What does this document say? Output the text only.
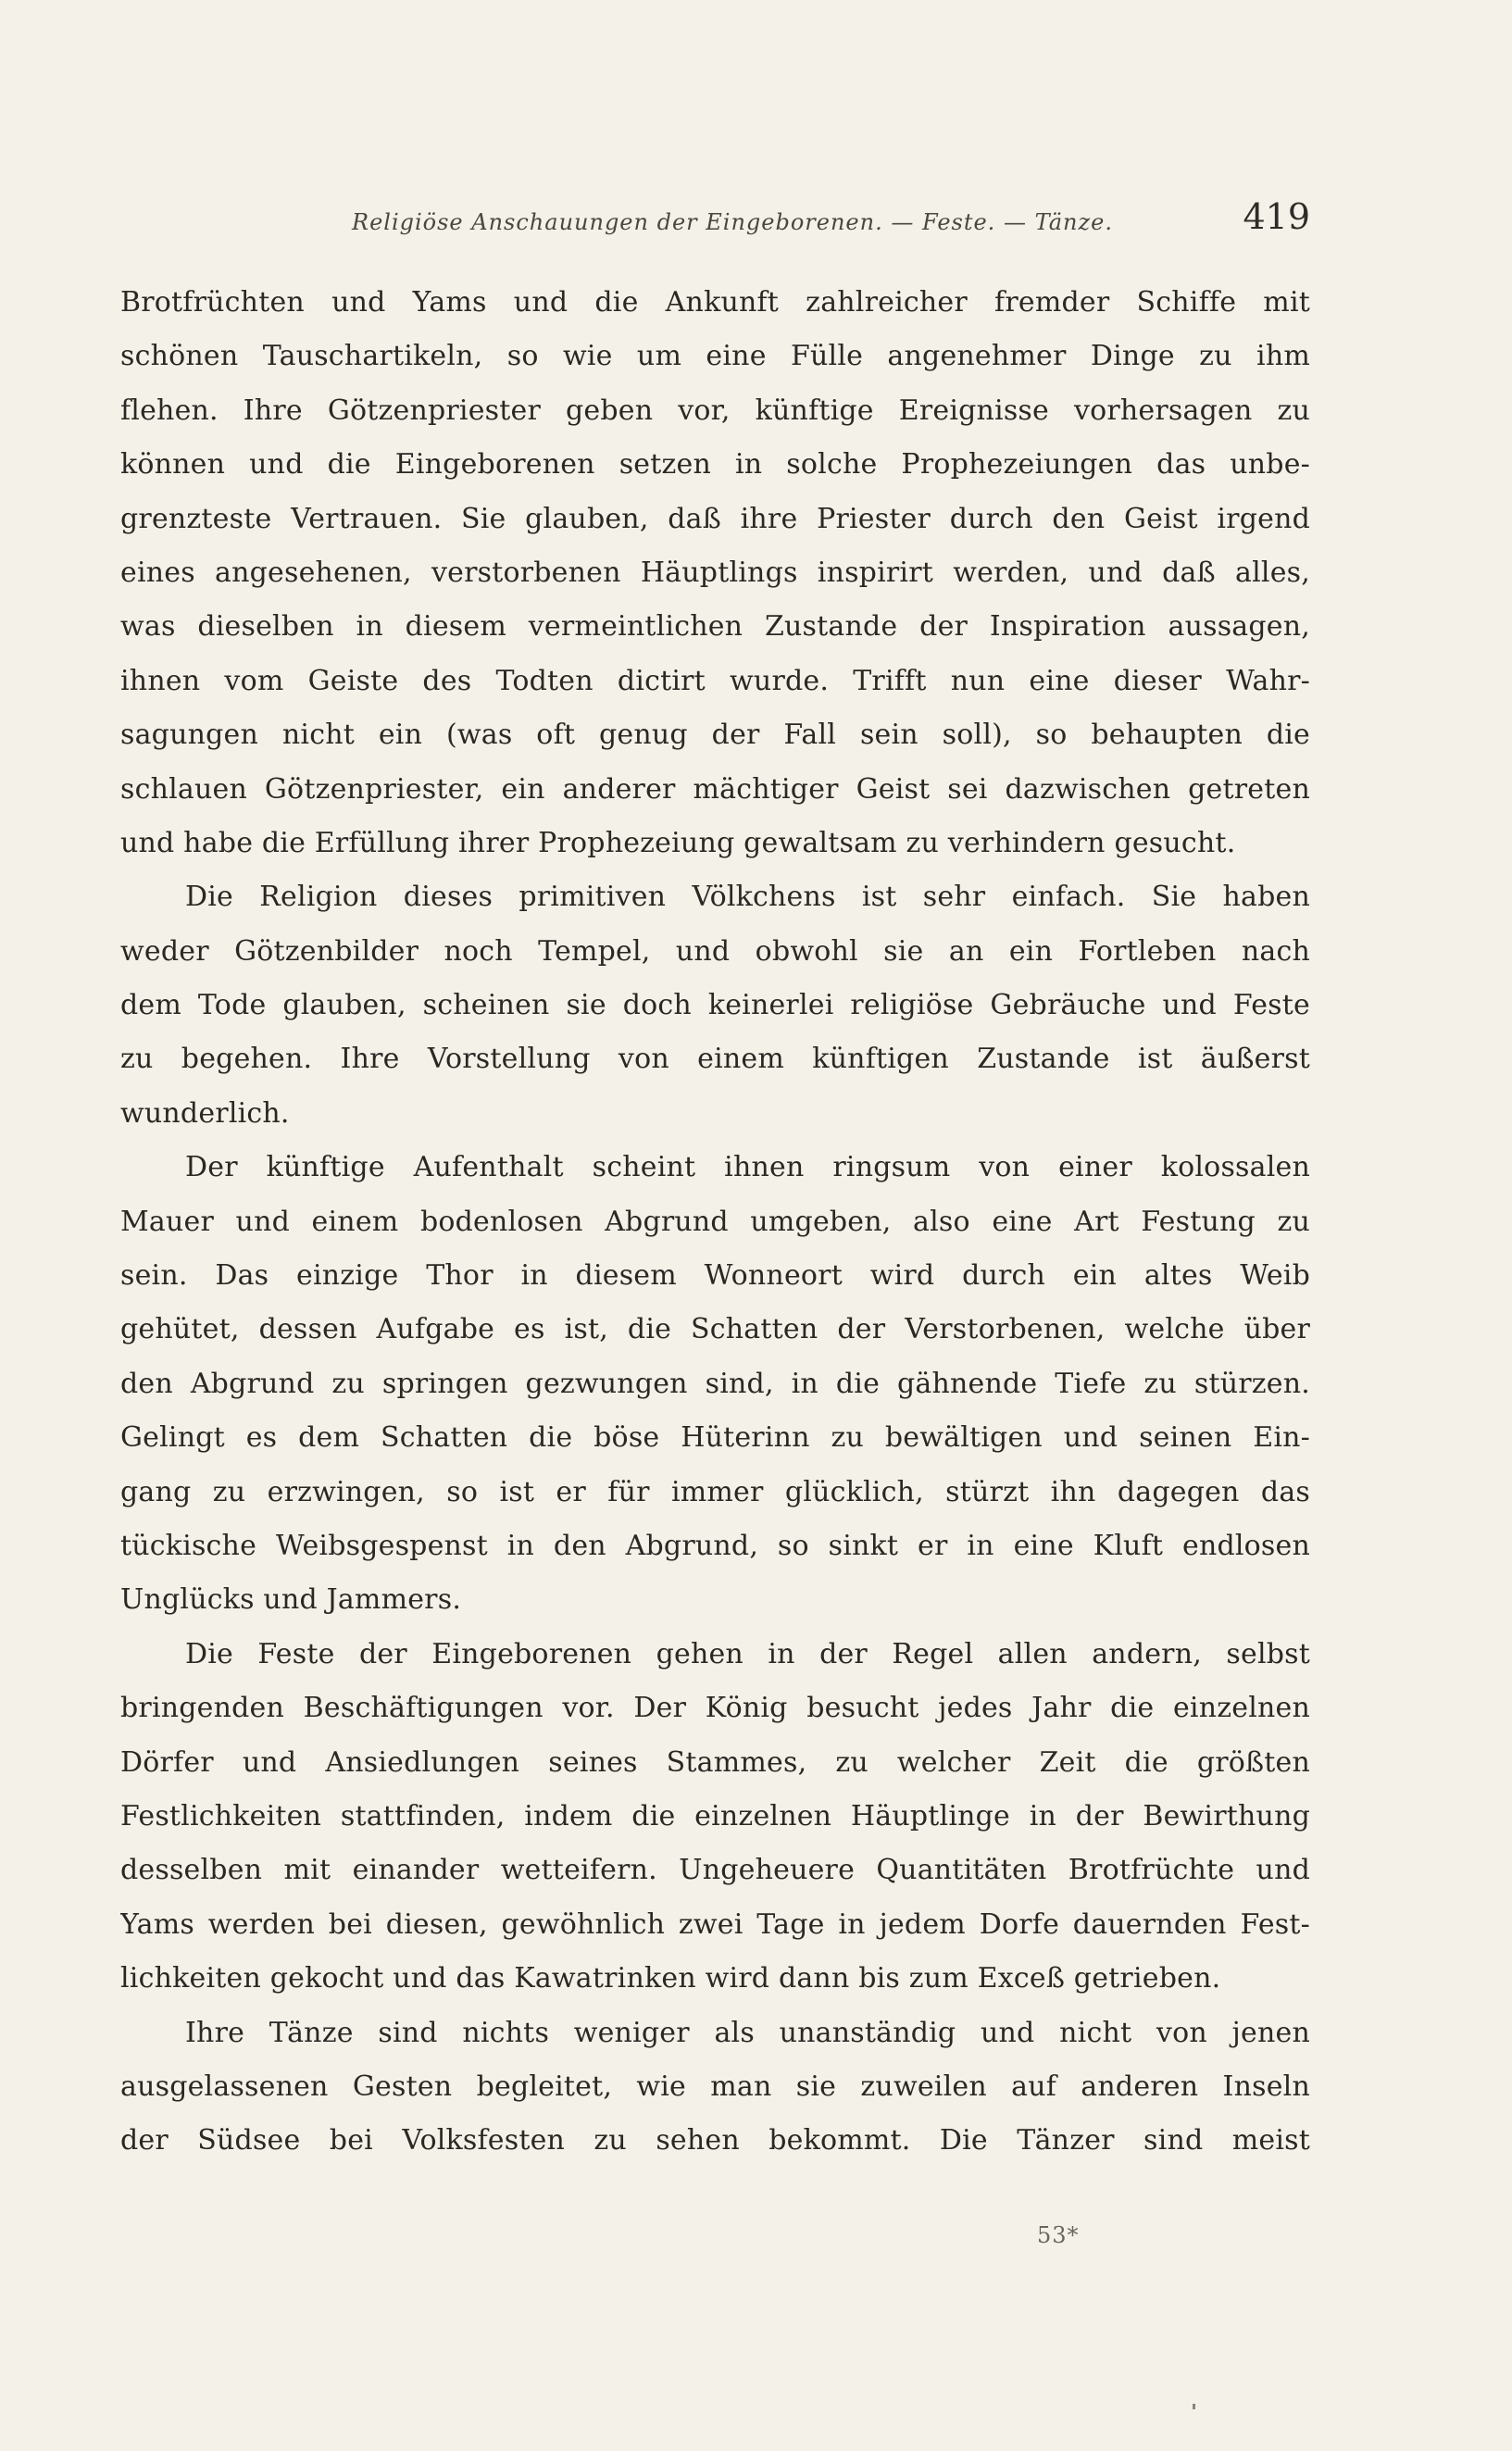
Religiöse Anschauungen der Eingeborenen. — Feste. — Tänze.	419
Brotfrüchten und Yams und die Ankunft zahlreicher fremder Schiffe mit
schönen Tauschartikeln, so wie um eine Fülle angenehmer Dinge zu ihm
flehen. Ihre Götzenpriester geben vor, künftige Ereignisse vorhersagen zu
können und die Eingeborenen setzen in solche Prophezeiungen das unbe-
grenzteste Vertrauen. Sie glauben, daß ihre Priester durch den Geist irgend
eines angesehenen, verstorbenen Häuptlings inspirirt werden, und daß alles,
was dieselben in diesem vermeintlichen Zustande der Inspiration aussagen,
ihnen vom Geiste des Todten dictirt wurde. Trifft nun eine dieser Wahr-
sagungen nicht ein (was oft genug der Fall sein soll), so behaupten die
schlauen Götzenpriester, ein anderer mächtiger Geist sei dazwischen getreten
und habe die Erfüllung ihrer Prophezeiung gewaltsam zu verhindern gesucht.
Die Religion dieses primitiven Völkchens ist sehr einfach. Sie haben
weder Götzenbilder noch Tempel, und obwohl sie an ein Fortleben nach
dem Tode glauben, scheinen sie doch keinerlei religiöse Gebräuche und Feste
zu begehen. Ihre Vorstellung von einem künftigen Zustande ist äußerst
wunderlich.
Der künftige Aufenthalt scheint ihnen ringsum von einer kolossalen
Mauer und einem bodenlosen Abgrund umgeben, also eine Art Festung zu
sein. Das einzige Thor in diesem Wonneort wird durch ein altes Weib
gehütet, dessen Aufgabe es ist, die Schatten der Verstorbenen, welche über
den Abgrund zu springen gezwungen sind, in die gähnende Tiefe zu stürzen.
Gelingt es dem Schatten die böse Hüterinn zu bewältigen und seinen Ein-
gang zu erzwingen, so ist er für immer glücklich, stürzt ihn dagegen das
tückische Weibsgespenst in den Abgrund, so sinkt er in eine Kluft endlosen
Unglücks und Jammers.
Die Feste der Eingeborenen gehen in der Regel allen andern, selbst
bringenden Beschäftigungen vor. Der König besucht jedes Jahr die einzelnen
Dörfer und Ansiedlungen seines Stammes, zu welcher Zeit die größten
Festlichkeiten stattfinden, indem die einzelnen Häuptlinge in der Bewirthung
desselben mit einander wetteifern. Ungeheuere Quantitäten Brotfrüchte und
Yams werden bei diesen, gewöhnlich zwei Tage in jedem Dorfe dauernden Fest-
lichkeiten gekocht und das Kawatrinken wird dann bis zum Exceß getrieben.
Ihre Tänze sind nichts weniger als unanständig und nicht von jenen
ausgelassenen Gesten begleitet, wie man sie zuweilen auf anderen Inseln
der Südsee bei Volksfesten zu sehen bekommt. Die Tänzer sind meist
53*
